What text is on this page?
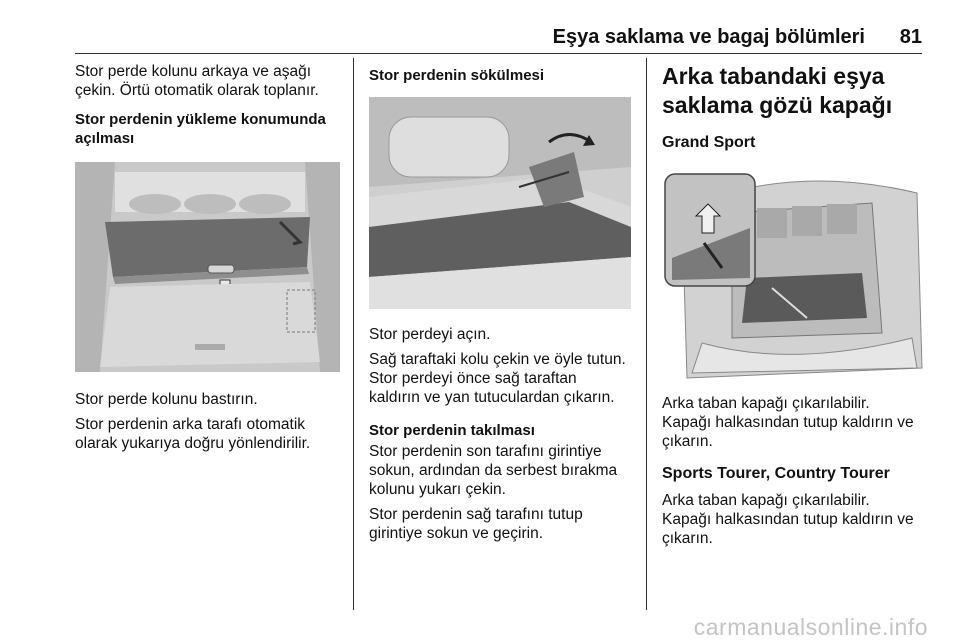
Eşya saklama ve bagaj bölümleri 81

Stor perde kolunu arkaya ve aşağı
çekin. Örtü otomatik olarak toplanır.

Stor perdenin yükleme konumunda
açılması

Stor perde kolunu bastırın.

Stor perdenin arka tarafı otomatik
olarak yukarıya doğru yönlendirilir.

Stor perdenin sökülmesi

Stor perdeyi açın.

Sağ taraftaki kolu çekin ve öyle tutun.
Stor perdeyi önce sağ taraftan
kaldırın ve yan tutuculardan çıkarın.

Stor perdenin takılması

Stor perdenin son tarafını girintiye
sokun, ardından da serbest bırakma
kolunu yukarı çekin.

Stor perdenin sağ tarafını tutup
girintiye sokun ve geçirin.

Arka tabandaki eşya
saklama gözü kapağı
Grand Sport

Arka taban kapağı çıkarılabilir.
Kapağı halkasından tutup kaldırın ve
çıkarın.

Sports Tourer, Country Tourer

Arka taban kapağı çıkarılabilir.
Kapağı halkasından tutup kaldırın ve
çıkarın.

carmanualsonline.info
